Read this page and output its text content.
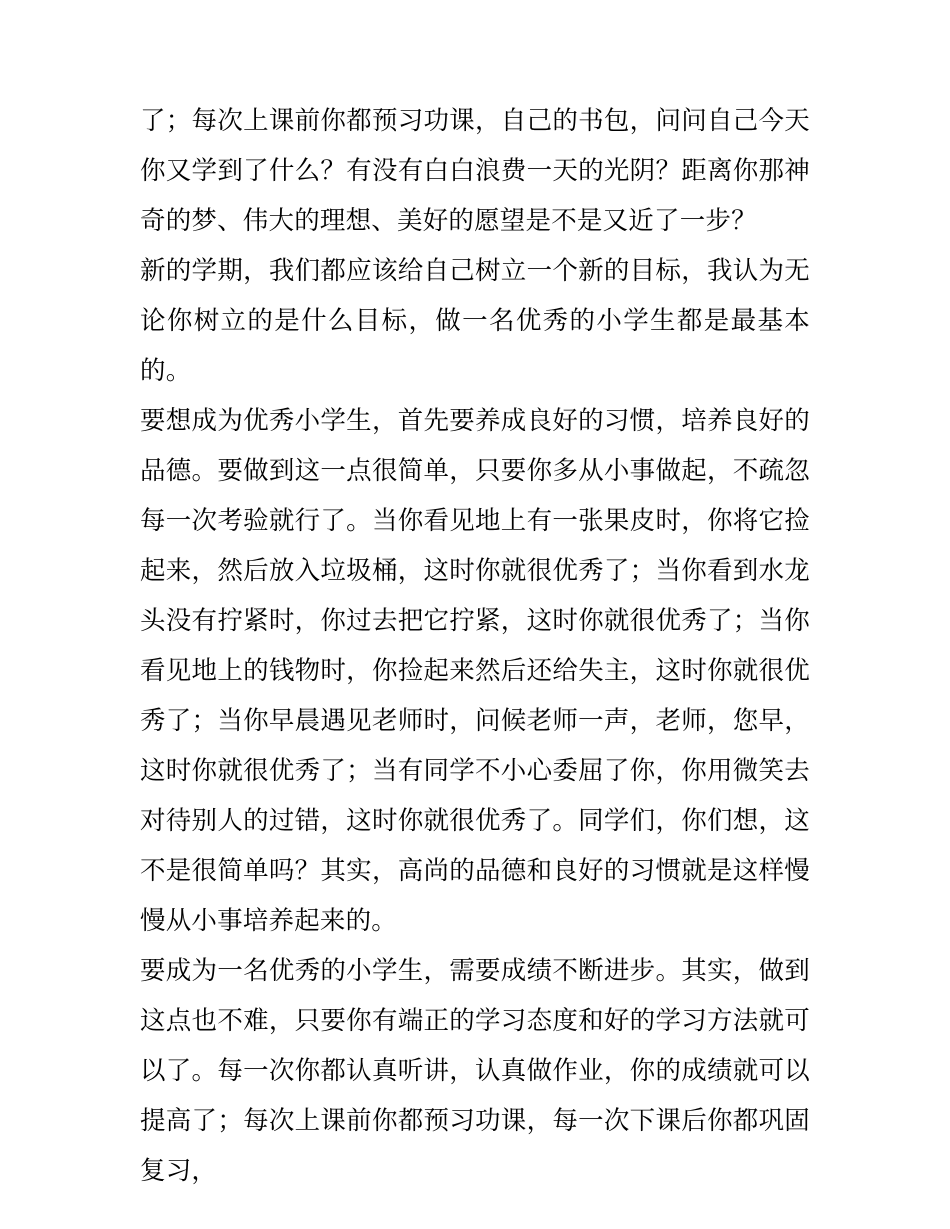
了；每次上课前你都预习功课，自己的书包，问问自己今天你又学到了什么？有没有白白浪费一天的光阴？距离你那神奇的梦、伟大的理想、美好的愿望是不是又近了一步？

新的学期，我们都应该给自己树立一个新的目标，我认为无论你树立的是什么目标，做一名优秀的小学生都是最基本的。

要想成为优秀小学生，首先要养成良好的习惯，培养良好的品德。要做到这一点很简单，只要你多从小事做起，不疏忽每一次考验就行了。当你看见地上有一张果皮时，你将它捡起来，然后放入垃圾桶，这时你就很优秀了；当你看到水龙头没有拧紧时，你过去把它拧紧，这时你就很优秀了；当你看见地上的钱物时，你捡起来然后还给失主，这时你就很优秀了；当你早晨遇见老师时，问候老师一声，老师，您早，这时你就很优秀了；当有同学不小心委屈了你，你用微笑去对待别人的过错，这时你就很优秀了。同学们，你们想，这不是很简单吗？其实，高尚的品德和良好的习惯就是这样慢慢从小事培养起来的。

要成为一名优秀的小学生，需要成绩不断进步。其实，做到这点也不难，只要你有端正的学习态度和好的学习方法就可以了。每一次你都认真听讲，认真做作业，你的成绩就可以提高了；每次上课前你都预习功课，每一次下课后你都巩固复习，
